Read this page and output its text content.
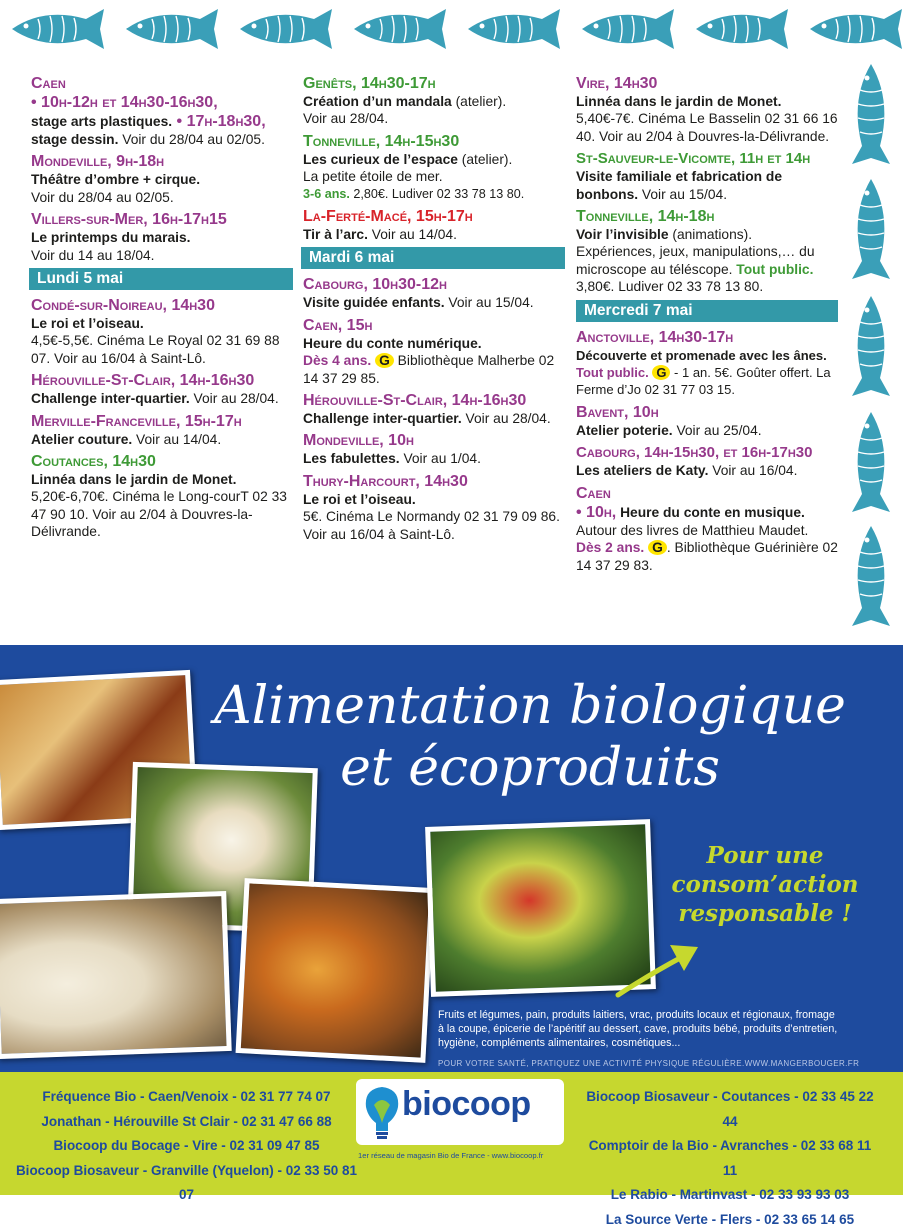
Caen
• 10h-12h et 14h30-16h30,
stage arts plastiques. • 17h-18h30,
stage dessin. Voir du 28/04 au 02/05.
Mondeville, 9h-18h
Théâtre d’ombre + cirque.
Voir du 28/04 au 02/05.
Villers-sur-Mer, 16h-17h15
Le printemps du marais.
Voir du 14 au 18/04.
Lundi 5 mai
Condé-sur-Noireau, 14h30
Le roi et l’oiseau.
4,5€-5,5€. Cinéma Le Royal 02 31 69 88 07. Voir au 16/04 à Saint-Lô.
Hérouville-St-Clair, 14h-16h30
Challenge inter-quartier. Voir au 28/04.
Merville-Franceville, 15h-17h
Atelier couture. Voir au 14/04.
Coutances, 14h30
Linnéa dans le jardin de Monet.
5,20€-6,70€. Cinéma le Long-courT 02 33 47 90 10. Voir au 2/04 à Douvres-la-Délivrande.
Genêts, 14h30-17h
Création d’un mandala (atelier).
Voir au 28/04.
Tonneville, 14h-15h30
Les curieux de l’espace (atelier).
La petite étoile de mer.
3-6 ans. 2,80€. Ludiver 02 33 78 13 80.
La-Ferté-Macé, 15h-17h
Tir à l’arc. Voir au 14/04.
Mardi 6 mai
Cabourg, 10h30-12h
Visite guidée enfants. Voir au 15/04.
Caen, 15h
Heure du conte numérique.
Dès 4 ans. G Bibliothèque Malherbe 02 14 37 29 85.
Hérouville-St-Clair, 14h-16h30
Challenge inter-quartier. Voir au 28/04.
Mondeville, 10h
Les fabulettes. Voir au 1/04.
Thury-Harcourt, 14h30
Le roi et l’oiseau.
5€. Cinéma Le Normandy 02 31 79 09 86. Voir au 16/04 à Saint-Lô.
Vire, 14h30
Linnéa dans le jardin de Monet.
5,40€-7€. Cinéma Le Basselin 02 31 66 16 40. Voir au 2/04 à Douvres-la-Délivrande.
St-Sauveur-le-Vicomte, 11h et 14h
Visite familiale et fabrication de bonbons. Voir au 15/04.
Tonneville, 14h-18h
Voir l’invisible (animations).
Expériences, jeux, manipulations,… du microscope au téléscope. Tout public. 3,80€. Ludiver 02 33 78 13 80.
Mercredi 7 mai
Anctoville, 14h30-17h
Découverte et promenade avec les ânes. Tout public. G - 1 an. 5€. Goûter offert. La Ferme d’Jo 02 31 77 03 15.
Bavent, 10h
Atelier poterie. Voir au 25/04.
Cabourg, 14h-15h30, et 16h-17h30
Les ateliers de Katy. Voir au 16/04.
Caen
• 10h, Heure du conte en musique.
Autour des livres de Matthieu Maudet.
Dès 2 ans. G . Bibliothèque Guérinière 02 14 37 29 83.
Alimentation biologique
et écoproduits
Pour une consom’action responsable !
Fruits et légumes, pain, produits laitiers, vrac, produits locaux et régionaux, fromage à la coupe, épicerie de l’apéritif au dessert, cave, produits bébé, produits d’entretien, hygiène, compléments alimentaires, cosmétiques...
POUR VOTRE SANTÉ, PRATIQUEZ UNE ACTIVITÉ PHYSIQUE RÉGULIÈRE.WWW.MANGERBOUGER.FR
Fréquence Bio - Caen/Venoix - 02 31 77 74 07
Jonathan - Hérouville St Clair - 02 31 47 66 88
Biocoop du Bocage - Vire - 02 31 09 47 85
Biocoop Biosaveur - Granville (Yquelon) - 02 33 50 81 07
biocoop
1er réseau de magasin Bio de France - www.biocoop.fr
Biocoop Biosaveur - Coutances - 02 33 45 22 44
Comptoir de la Bio - Avranches - 02 33 68 11 11
Le Rabio - Martinvast - 02 33 93 93 03
La Source Verte - Flers - 02 33 65 14 65
